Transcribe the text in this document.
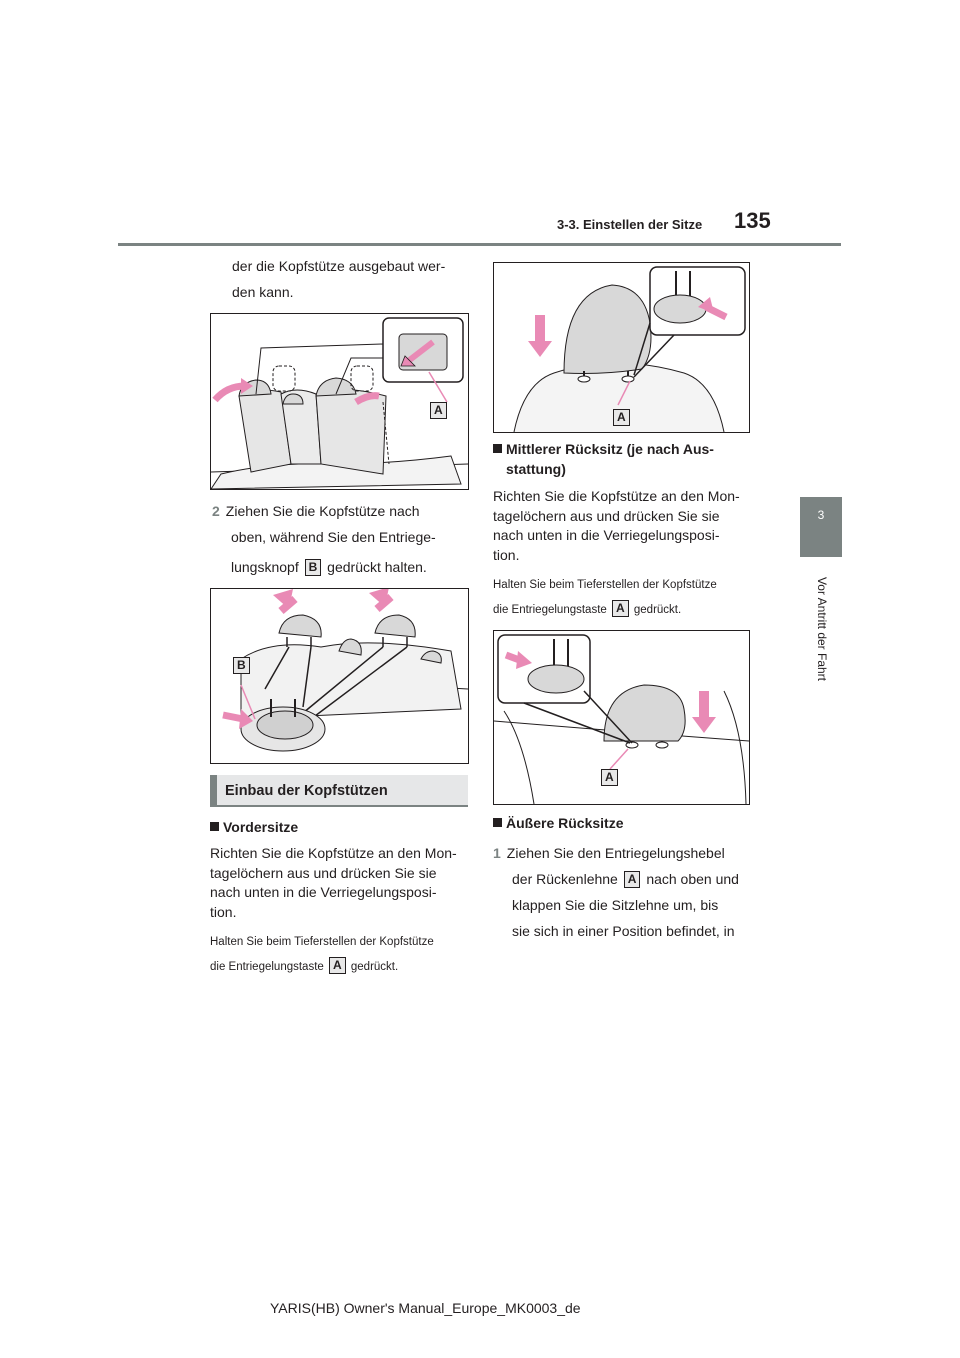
3-3. Einstellen der Sitze 135
3
Vor Antritt der Fahrt

der die Kopfstütze ausgebaut wer-

den kann.

A

2 Ziehen Sie die Kopfstütze nach

oben, während Sie den Entriege-

lungsknopf B gedrückt halten.

B
Einbau der Kopfstützen

Vordersitze

Richten Sie die Kopfstütze an den Mon-
tagelöchern aus und drücken Sie sie
nach unten in die Verriegelungsposi-
tion.

Halten Sie beim Tieferstellen der Kopfstütze
die Entriegelungstaste A gedrückt.

A

Mittlerer Rücksitz (je nach Aus-
stattung)

Richten Sie die Kopfstütze an den Mon-
tagelöchern aus und drücken Sie sie
nach unten in die Verriegelungsposi-
tion.

Halten Sie beim Tieferstellen der Kopfstütze
die Entriegelungstaste A gedrückt.

A

Äußere Rücksitze

1 Ziehen Sie den Entriegelungshebel

der Rückenlehne A nach oben und

klappen Sie die Sitzlehne um, bis

sie sich in einer Position befindet, in

YARIS(HB) Owner's Manual_Europe_MK0003_de
